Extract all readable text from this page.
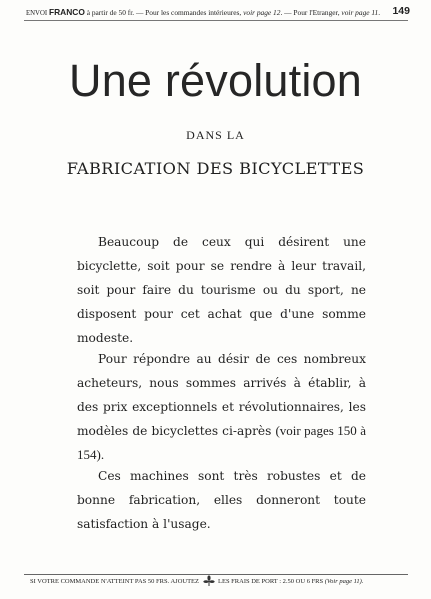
ENVOI FRANCO à partir de 50 fr. — Pour les commandes intérieures, voir page 12. — Pour l'Etranger, voir page 11. 149
Une révolution
DANS LA
FABRICATION DES BICYCLETTES

Beaucoup de ceux qui désirent une bicyclette, soit pour se rendre à leur travail, soit pour faire du tourisme ou du sport, ne disposent pour cet achat que d'une somme modeste.

Pour répondre au désir de ces nombreux acheteurs, nous sommes arrivés à établir, à des prix exceptionnels et révolutionnaires, les modèles de bicyclettes ci-après (voir pages 150 à 154).

Ces machines sont très robustes et de bonne fabrication, elles donneront toute satisfaction à l'usage.

SI VOTRE COMMANDE N'ATTEINT PAS 50 FRS. AJOUTEZ	LES FRAIS DE PORT : 2.50 OU 6 FRS
(Voir page 11).
